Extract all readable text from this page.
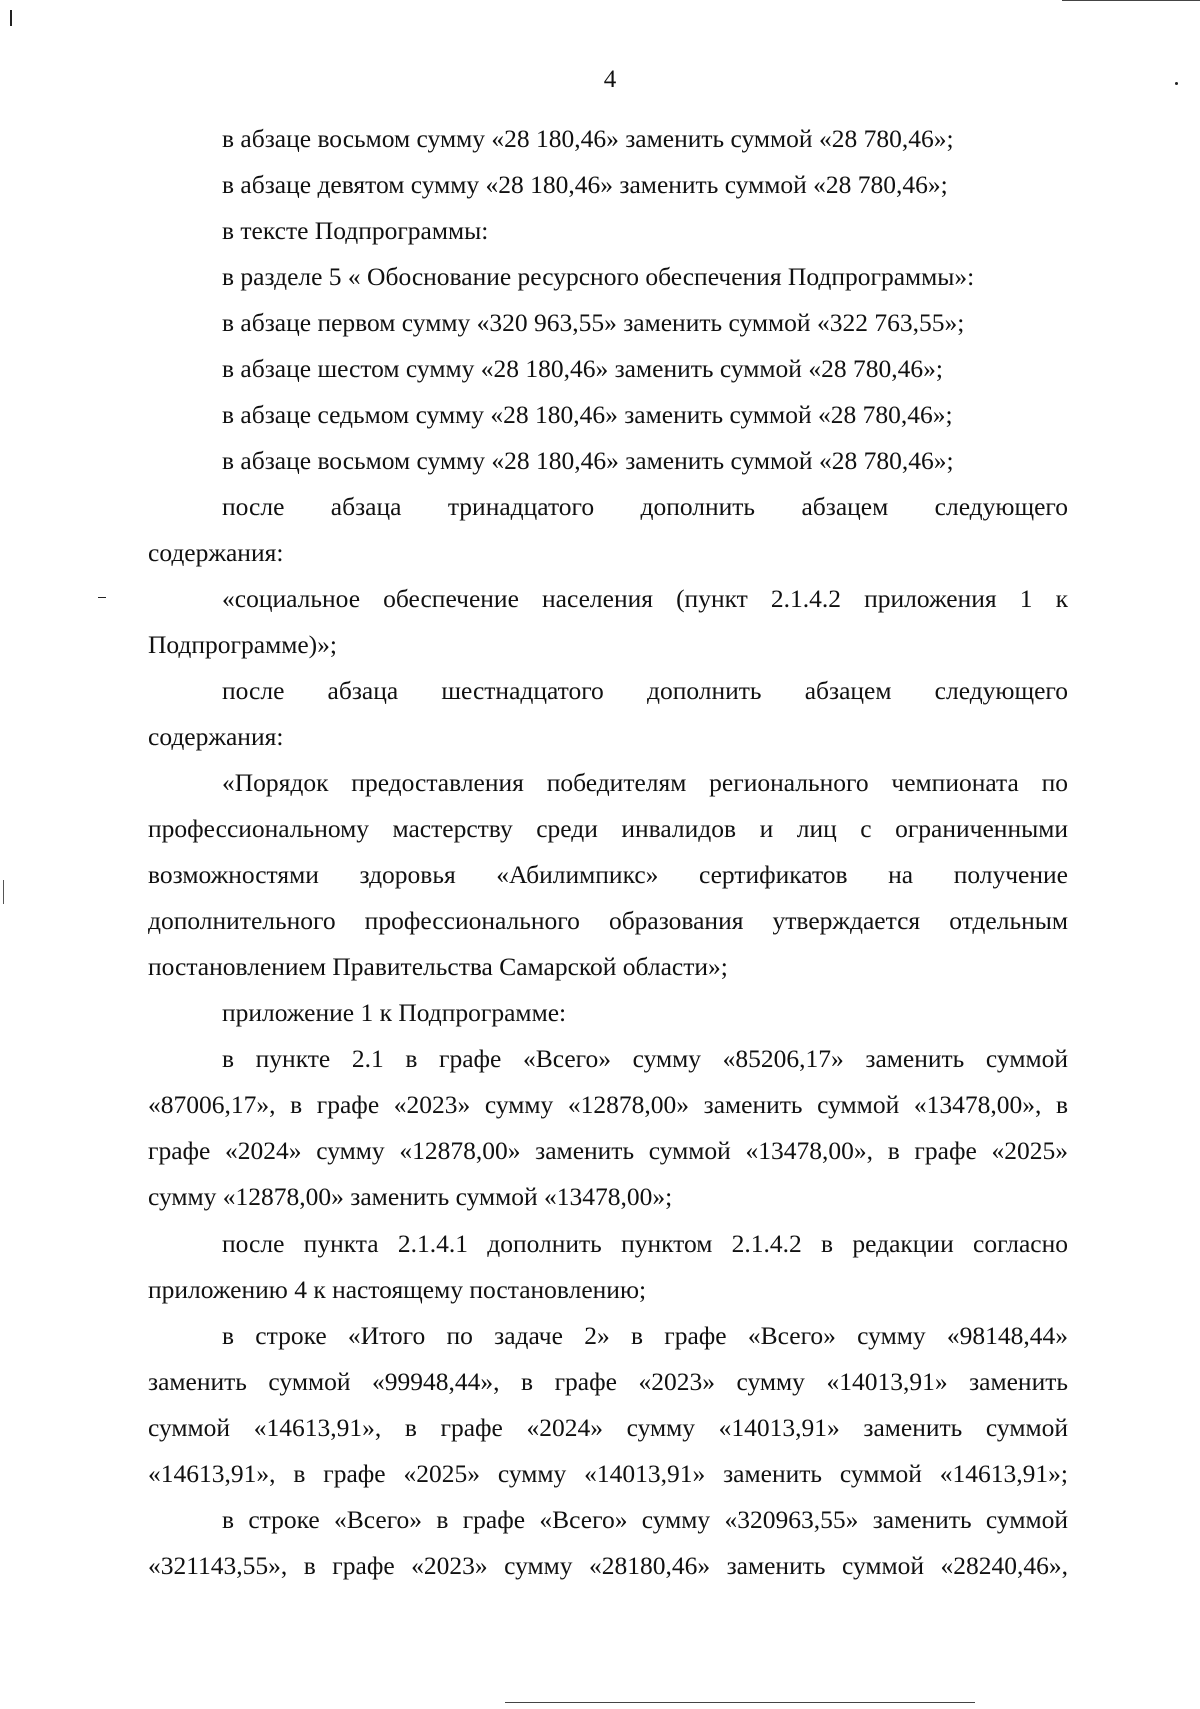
4
в абзаце восьмом сумму «28 180,46» заменить суммой «28 780,46»;
в абзаце девятом сумму «28 180,46» заменить суммой «28 780,46»;
в тексте Подпрограммы:
в разделе 5 « Обоснование ресурсного обеспечения Подпрограммы»:
в абзаце первом сумму «320 963,55» заменить суммой «322 763,55»;
в абзаце шестом сумму «28 180,46» заменить суммой «28 780,46»;
в абзаце седьмом сумму «28 180,46» заменить суммой «28 780,46»;
в абзаце восьмом сумму «28 180,46» заменить суммой «28 780,46»;
после абзаца тринадцатого дополнить абзацем следующего
содержания:
«социальное обеспечение населения (пункт 2.1.4.2 приложения 1 к
Подпрограмме)»;
после абзаца шестнадцатого дополнить абзацем следующего
содержания:
«Порядок предоставления победителям регионального чемпионата по
профессиональному мастерству среди инвалидов и лиц с ограниченными
возможностями здоровья «Абилимпикс» сертификатов на получение
дополнительного профессионального образования утверждается отдельным
постановлением Правительства Самарской области»;
приложение 1 к Подпрограмме:
в пункте 2.1 в графе «Всего» сумму «85206,17» заменить суммой
«87006,17», в графе «2023» сумму «12878,00» заменить суммой «13478,00», в
графе «2024» сумму «12878,00» заменить суммой «13478,00», в графе «2025»
сумму «12878,00» заменить суммой «13478,00»;
после пункта 2.1.4.1 дополнить пунктом 2.1.4.2 в редакции согласно
приложению 4 к настоящему постановлению;
в строке «Итого по задаче 2» в графе «Всего» сумму «98148,44»
заменить суммой «99948,44», в графе «2023» сумму «14013,91» заменить
суммой «14613,91», в графе «2024» сумму «14013,91» заменить суммой
«14613,91», в графе «2025» сумму «14013,91» заменить суммой «14613,91»;
в строке «Всего» в графе «Всего» сумму «320963,55» заменить суммой
«321143,55», в графе «2023» сумму «28180,46» заменить суммой «28240,46»,
